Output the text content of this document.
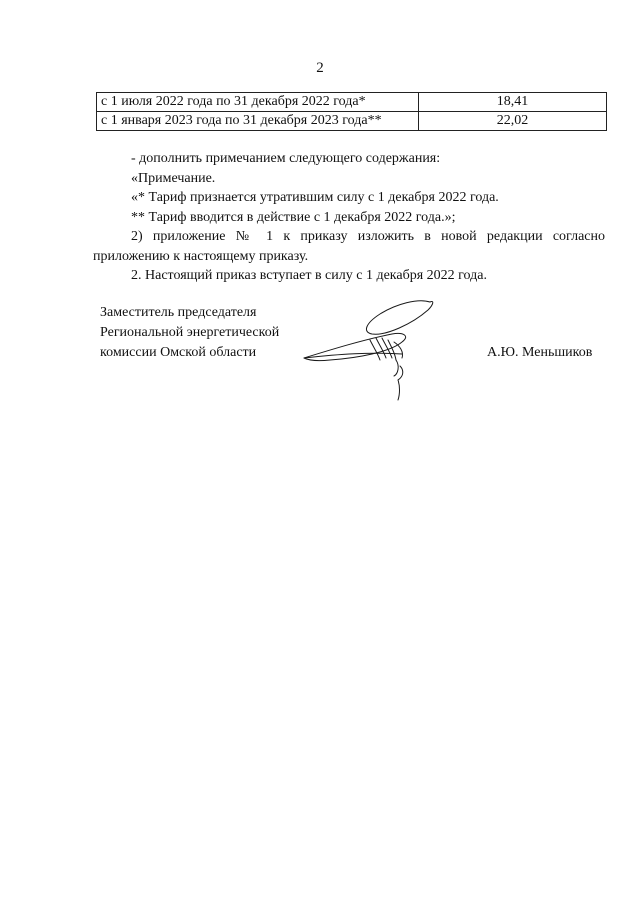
2
с 1 июля 2022 года по 31 декабря 2022 года*	18,41
с 1 января 2023 года по 31 декабря 2023 года**	22,02
- дополнить примечанием следующего содержания:
«Примечание.
«* Тариф признается утратившим силу с 1 декабря 2022 года.
** Тариф вводится в действие с 1 декабря 2022 года.»;
2) приложение № 1 к приказу изложить в новой редакции согласно
приложению к настоящему приказу.
2. Настоящий приказ вступает в силу с 1 декабря 2022 года.
Заместитель председателя
Региональной энергетической
комиссии Омской области	А.Ю. Меньшиков
